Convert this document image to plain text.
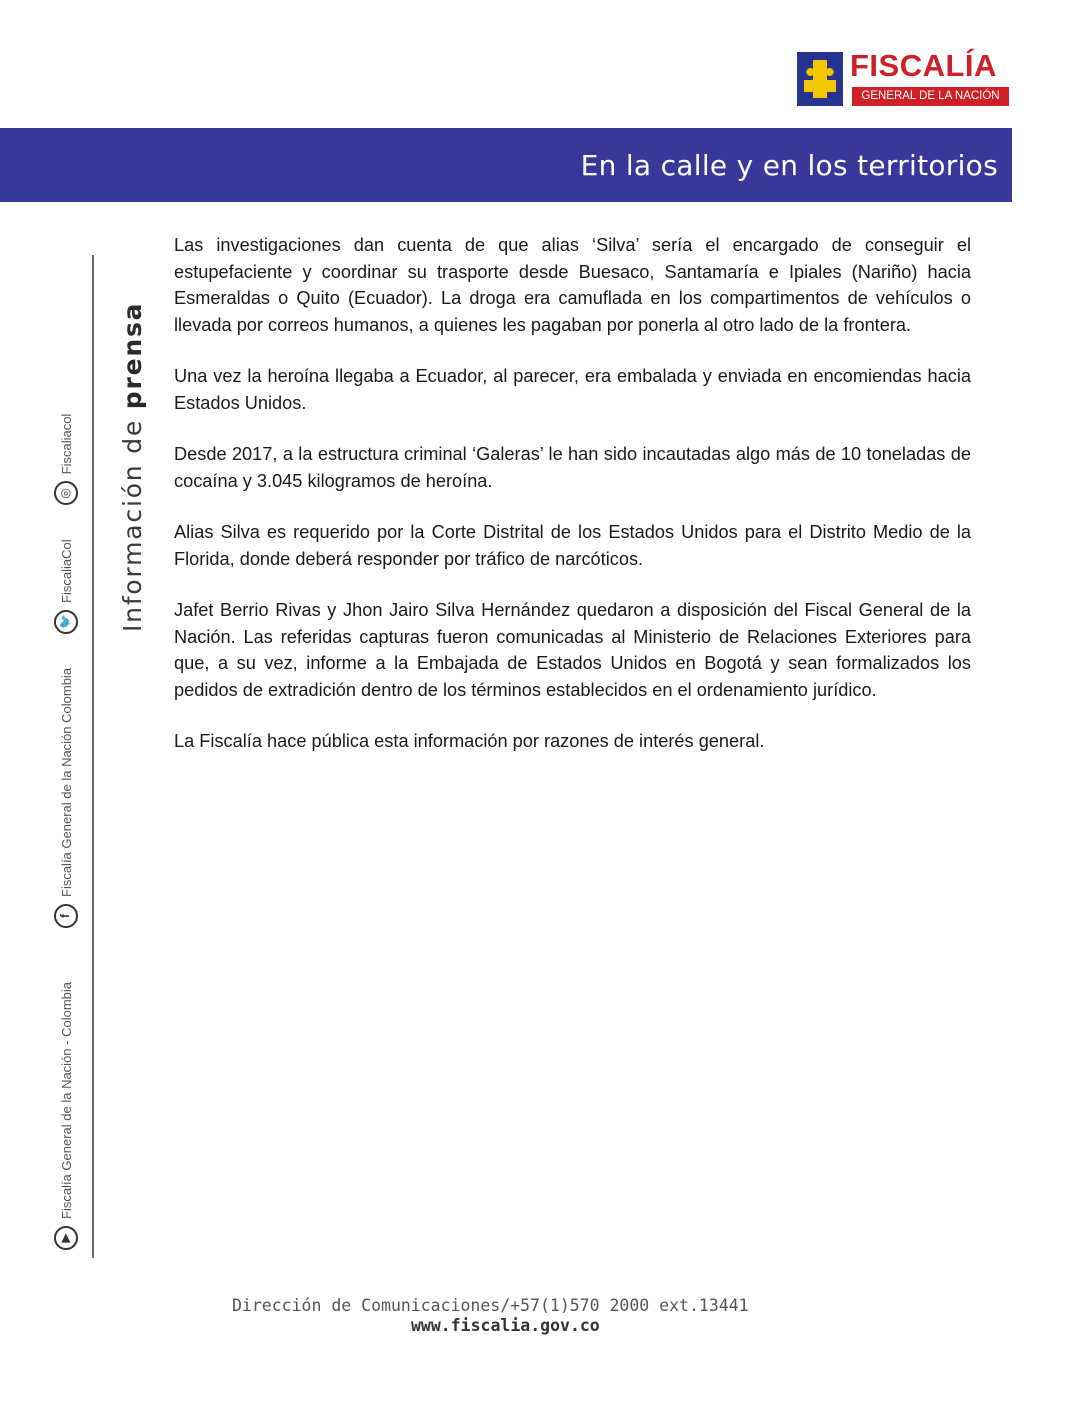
FISCALÍA
GENERAL DE LA NACIÓN
En la calle y en los territorios
▶
Fiscalía General de la Nación - Colombia
f
Fiscalía General de la Nación Colombia
🐦
FiscaliaCol
◎
Fiscaliacol Información de prensa

Las investigaciones dan cuenta de que alias ‘Silva’ sería el encargado de conseguir el estupefaciente y coordinar su trasporte desde Buesaco, Santamaría e Ipiales (Nariño) hacia Esmeraldas o Quito (Ecuador). La droga era camuflada en los compartimentos de vehículos o llevada por correos humanos, a quienes les pagaban por ponerla al otro lado de la frontera.

Una vez la heroína llegaba a Ecuador, al parecer, era embalada y enviada en encomiendas hacia Estados Unidos.

Desde 2017, a la estructura criminal ‘Galeras’ le han sido incautadas algo más de 10 toneladas de cocaína y 3.045 kilogramos de heroína.

Alias Silva es requerido por la Corte Distrital de los Estados Unidos para el Distrito Medio de la Florida, donde deberá responder por tráfico de narcóticos.

Jafet Berrio Rivas y Jhon Jairo Silva Hernández quedaron a disposición del Fiscal General de la Nación. Las referidas capturas fueron comunicadas al Ministerio de Relaciones Exteriores para que, a su vez, informe a la Embajada de Estados Unidos en Bogotá́ y sean formalizados los pedidos de extradición dentro de los términos establecidos en el ordenamiento jurídico.

La Fiscalía hace pública esta información por razones de interés general.

Dirección de Comunicaciones/+57(1)570 2000 ext.13441
www.fiscalia.gov.co
